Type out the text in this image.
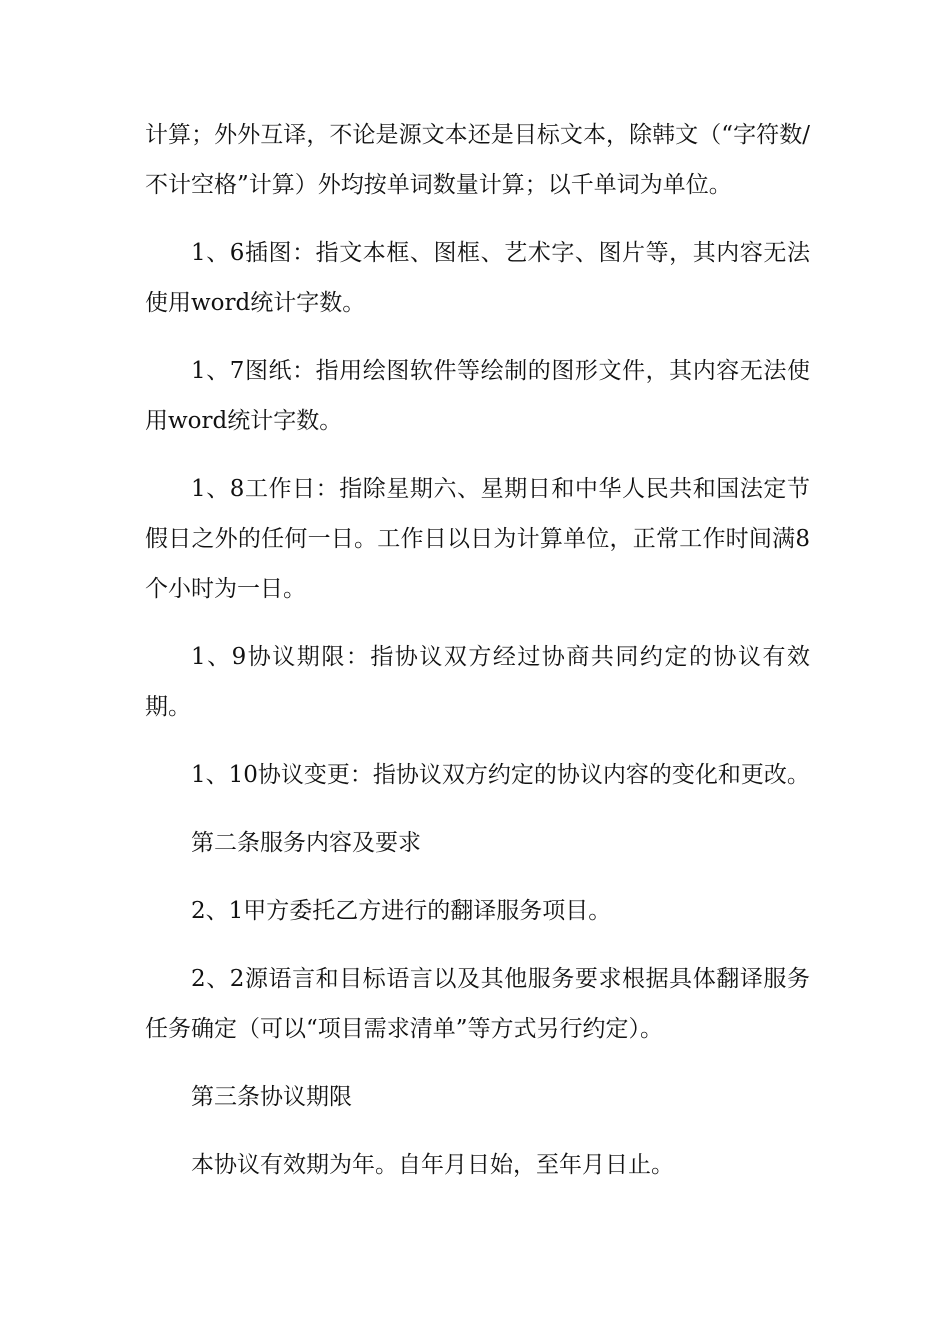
计算；外外互译，不论是源文本还是目标文本，除韩文（“字符数/不计空格”计算）外均按单词数量计算；以千单词为单位。

1、6插图：指文本框、图框、艺术字、图片等，其内容无法使用word统计字数。

1、7图纸：指用绘图软件等绘制的图形文件，其内容无法使用word统计字数。

1、8工作日：指除星期六、星期日和中华人民共和国法定节假日之外的任何一日。工作日以日为计算单位，正常工作时间满8个小时为一日。

1、9协议期限：指协议双方经过协商共同约定的协议有效期。

1、10协议变更：指协议双方约定的协议内容的变化和更改。

第二条服务内容及要求

2、1甲方委托乙方进行的翻译服务项目。

2、2源语言和目标语言以及其他服务要求根据具体翻译服务任务确定（可以“项目需求清单”等方式另行约定）。

第三条协议期限

本协议有效期为年。自年月日始，至年月日止。
